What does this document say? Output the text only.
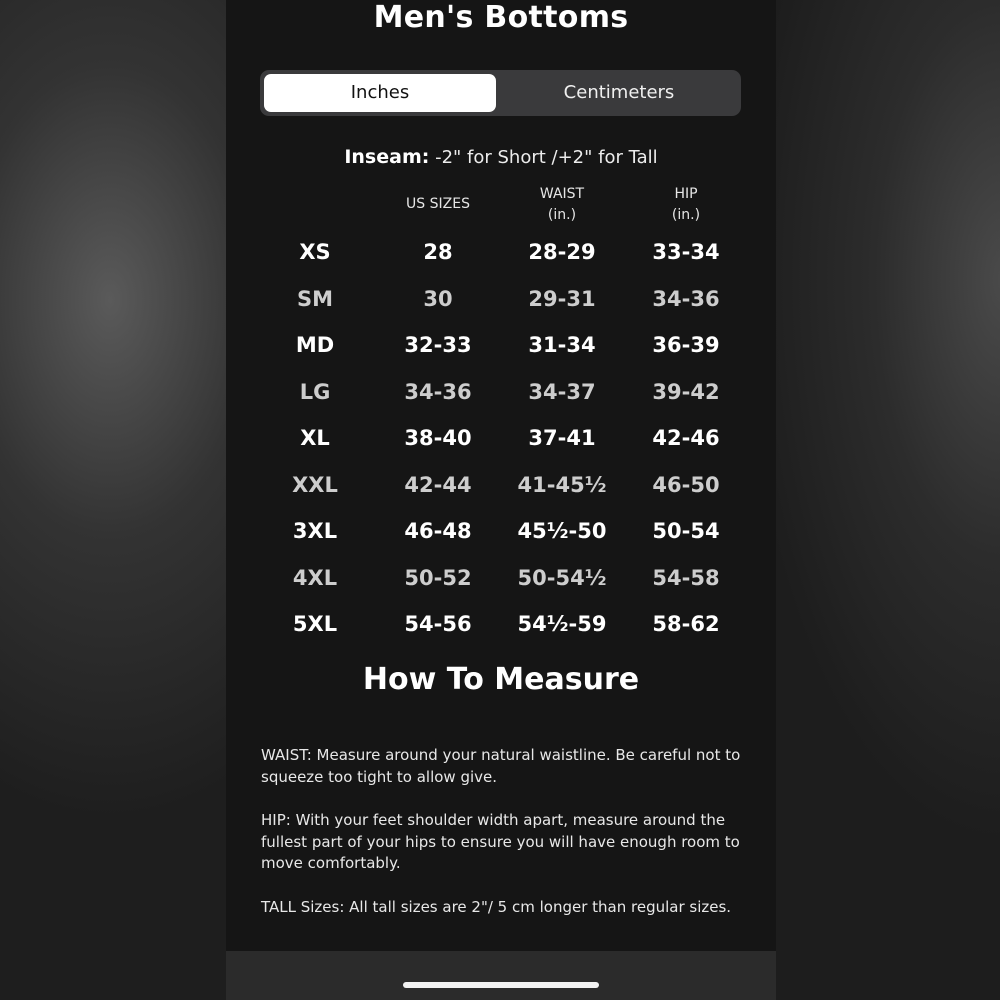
Men's Bottoms
Inches	Centimeters
Inseam: -2" for Short /+2" for Tall
US SIZES
WAIST
(in.)
HIP
(in.)
XS	28	28-29	33-34
SM	30	29-31	34-36
MD	32-33	31-34	36-39
LG	34-36	34-37	39-42
XL	38-40	37-41	42-46
XXL	42-44	41-45½	46-50
3XL	46-48	45½-50	50-54
4XL	50-52	50-54½	54-58
5XL	54-56	54½-59	58-62
How To Measure
WAIST: Measure around your natural waistline. Be careful not to squeeze too tight to allow give.
HIP: With your feet shoulder width apart, measure around the fullest part of your hips to ensure you will have enough room to move comfortably.
TALL Sizes: All tall sizes are 2"/ 5 cm longer than regular sizes.
